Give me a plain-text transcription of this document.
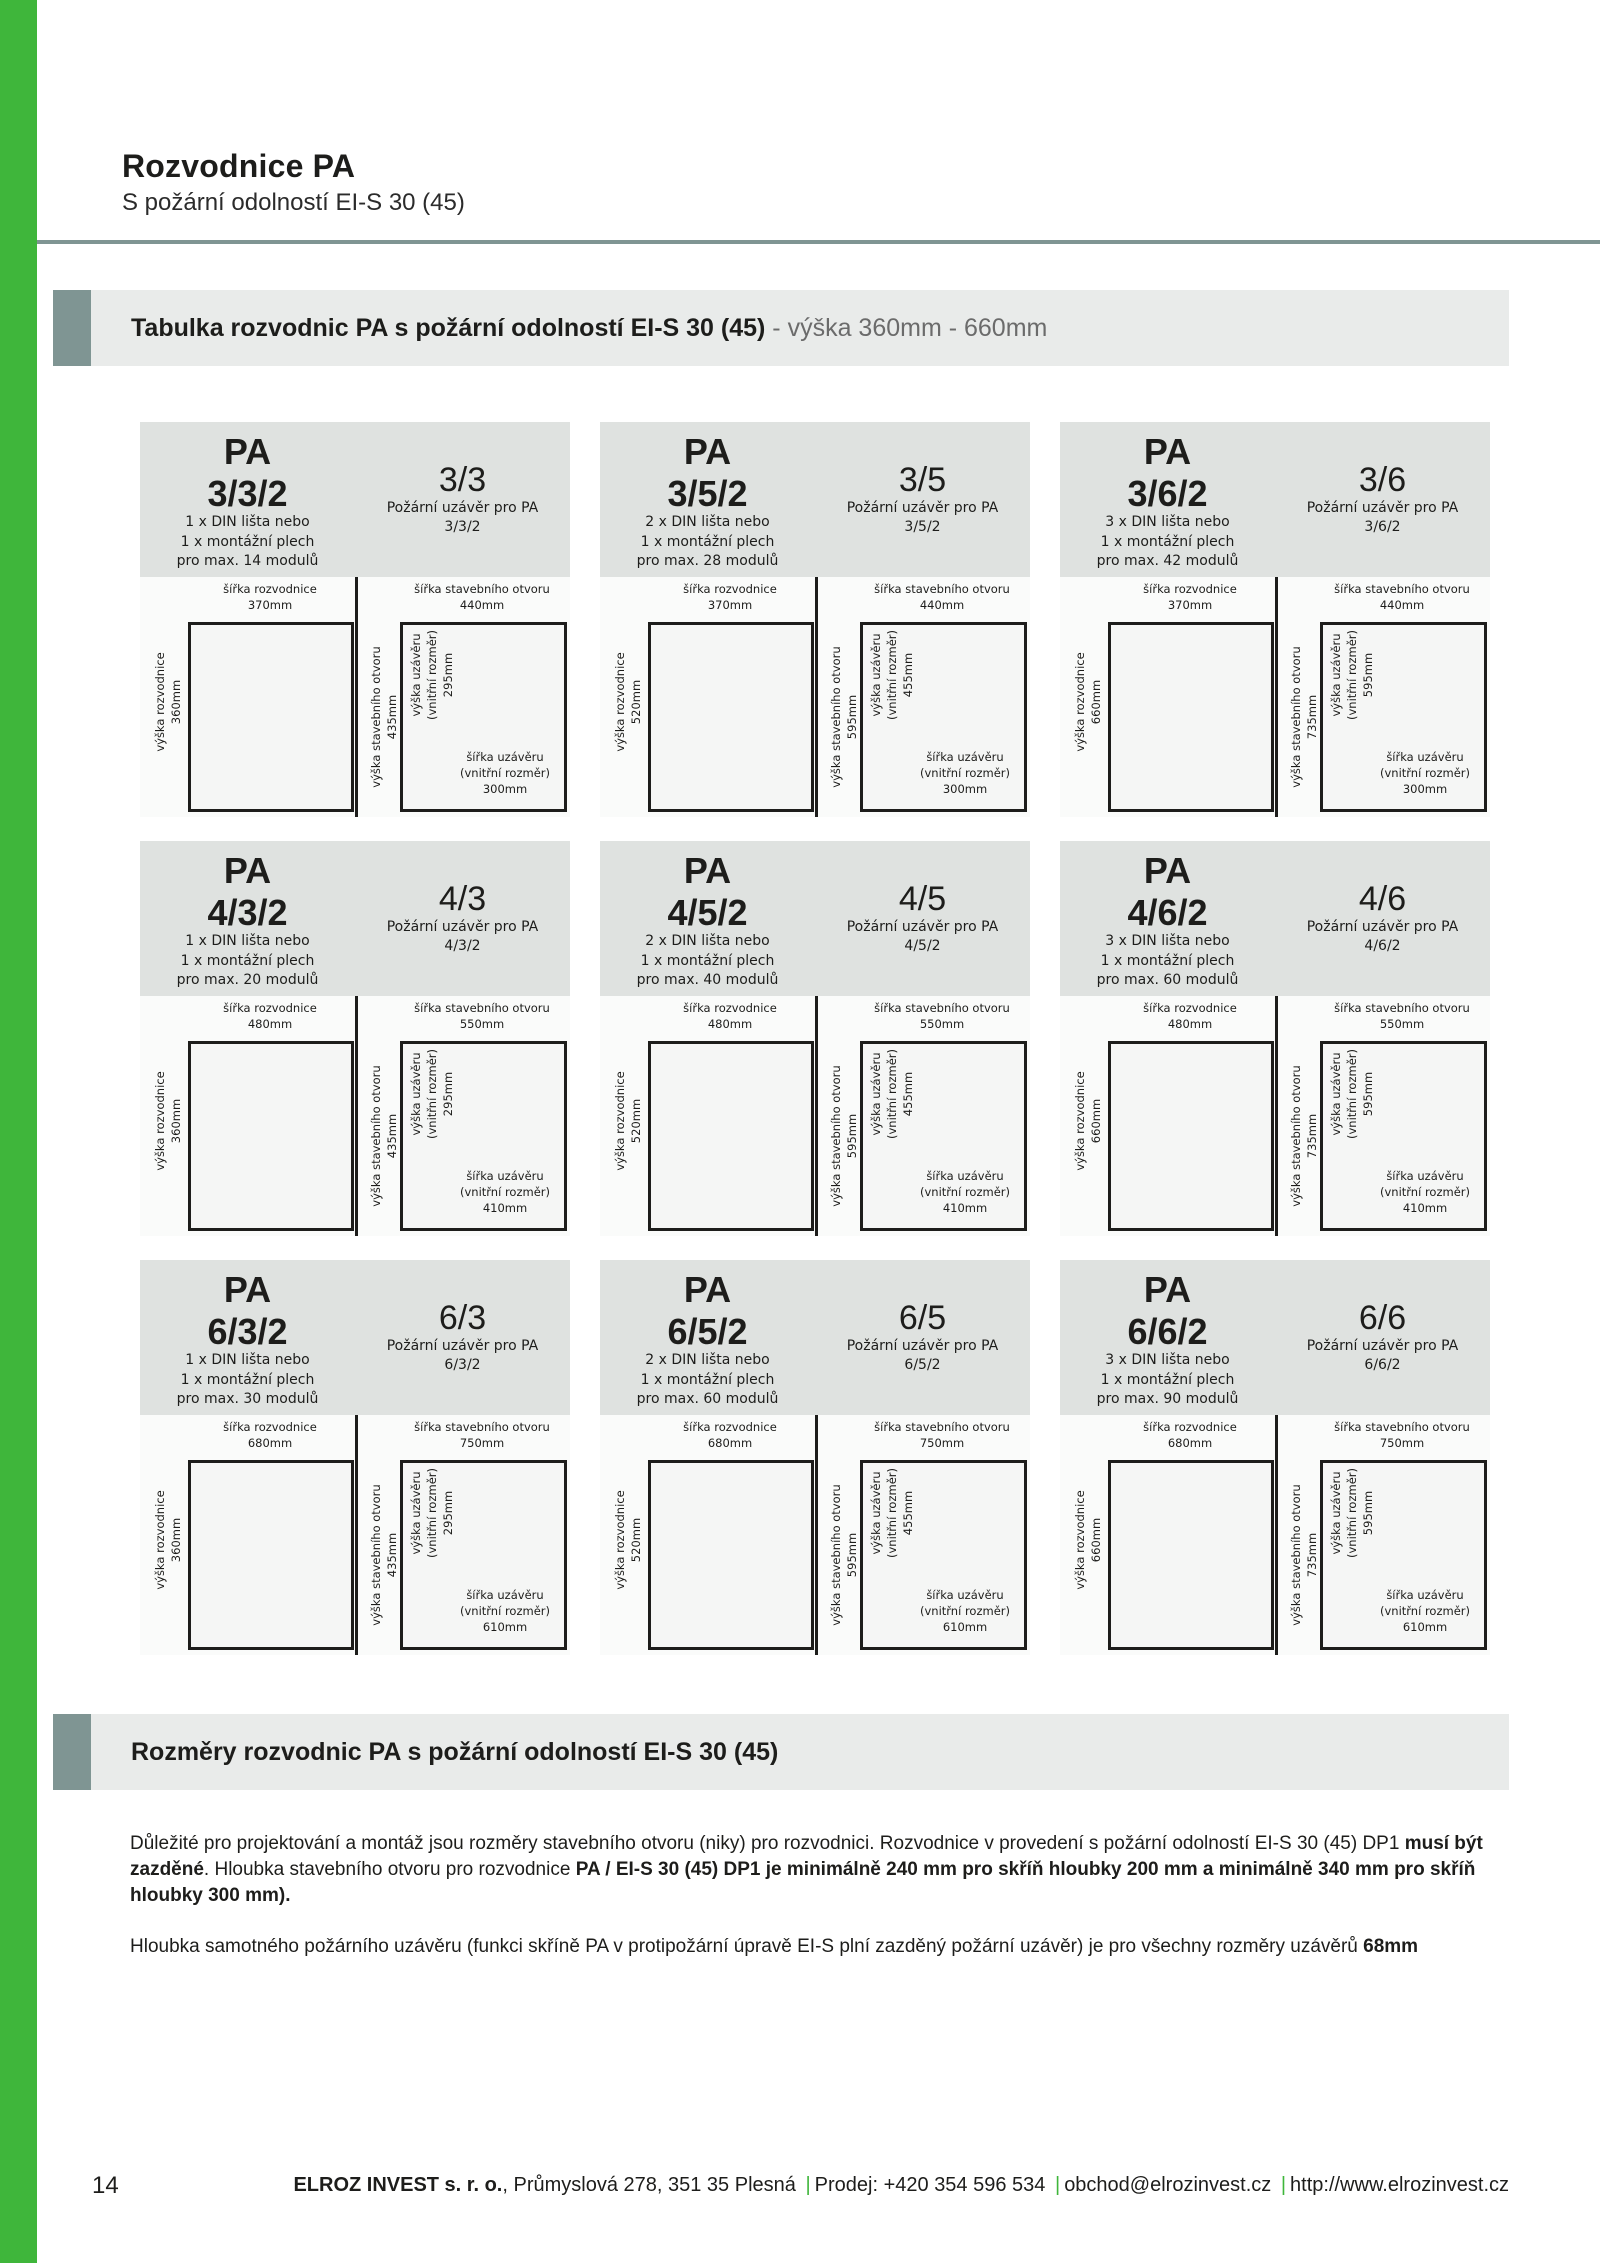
Rozvodnice PA
S požární odolností EI-S 30 (45)
Tabulka rozvodnic PA s požární odolností EI-S 30 (45) - výška 360mm - 660mm
PA
3/3/2
1 x DIN lišta nebo
1 x montážní plech
pro max. 14 modulů
3/3
Požární uzávěr pro PA
3/3/2
šířka rozvodnice
370mm
šířka stavebního otvoru
440mm
šířka uzávěru
(vnitřní rozměr)
300mm
výška rozvodnice 360mm	výška stavebního otvoru 435mm
výška uzávěru (vnitřní rozměr) 295mm
PA
3/5/2
2 x DIN lišta nebo
1 x montážní plech
pro max. 28 modulů
3/5
Požární uzávěr pro PA
3/5/2
šířka rozvodnice
370mm
šířka stavebního otvoru
440mm
šířka uzávěru
(vnitřní rozměr)
300mm
výška rozvodnice 520mm	výška stavebního otvoru 595mm
výška uzávěru (vnitřní rozměr) 455mm
PA
3/6/2
3 x DIN lišta nebo
1 x montážní plech
pro max. 42 modulů
3/6
Požární uzávěr pro PA
3/6/2
šířka rozvodnice
370mm
šířka stavebního otvoru
440mm
šířka uzávěru
(vnitřní rozměr)
300mm
výška rozvodnice 660mm	výška stavebního otvoru 735mm
výška uzávěru (vnitřní rozměr) 595mm
PA
4/3/2
1 x DIN lišta nebo
1 x montážní plech
pro max. 20 modulů
4/3
Požární uzávěr pro PA
4/3/2
šířka rozvodnice
480mm
šířka stavebního otvoru
550mm
šířka uzávěru
(vnitřní rozměr)
410mm
výška rozvodnice 360mm	výška stavebního otvoru 435mm
výška uzávěru (vnitřní rozměr) 295mm
PA
4/5/2
2 x DIN lišta nebo
1 x montážní plech
pro max. 40 modulů
4/5
Požární uzávěr pro PA
4/5/2
šířka rozvodnice
480mm
šířka stavebního otvoru
550mm
šířka uzávěru
(vnitřní rozměr)
410mm
výška rozvodnice 520mm	výška stavebního otvoru 595mm
výška uzávěru (vnitřní rozměr) 455mm
PA
4/6/2
3 x DIN lišta nebo
1 x montážní plech
pro max. 60 modulů
4/6
Požární uzávěr pro PA
4/6/2
šířka rozvodnice
480mm
šířka stavebního otvoru
550mm
šířka uzávěru
(vnitřní rozměr)
410mm
výška rozvodnice 660mm	výška stavebního otvoru 735mm
výška uzávěru (vnitřní rozměr) 595mm
PA
6/3/2
1 x DIN lišta nebo
1 x montážní plech
pro max. 30 modulů
6/3
Požární uzávěr pro PA
6/3/2
šířka rozvodnice
680mm
šířka stavebního otvoru
750mm
šířka uzávěru
(vnitřní rozměr)
610mm
výška rozvodnice 360mm	výška stavebního otvoru 435mm
výška uzávěru (vnitřní rozměr) 295mm
PA
6/5/2
2 x DIN lišta nebo
1 x montážní plech
pro max. 60 modulů
6/5
Požární uzávěr pro PA
6/5/2
šířka rozvodnice
680mm
šířka stavebního otvoru
750mm
šířka uzávěru
(vnitřní rozměr)
610mm
výška rozvodnice 520mm	výška stavebního otvoru 595mm
výška uzávěru (vnitřní rozměr) 455mm
PA
6/6/2
3 x DIN lišta nebo
1 x montážní plech
pro max. 90 modulů
6/6
Požární uzávěr pro PA
6/6/2
šířka rozvodnice
680mm
šířka stavebního otvoru
750mm
šířka uzávěru
(vnitřní rozměr)
610mm
výška rozvodnice 660mm	výška stavebního otvoru 735mm
výška uzávěru (vnitřní rozměr) 595mm
Rozměry rozvodnic PA s požární odolností EI-S 30 (45)
Důležité pro projektování a montáž jsou rozměry stavebního otvoru (niky) pro rozvodnici. Rozvodnice v provedení s požární odolností EI-S 30 (45) DP1 musí být zazděné. Hloubka stavebního otvoru pro rozvodnice PA / EI-S 30 (45) DP1 je minimálně 240 mm pro skříň hloubky 200 mm a minimálně 340 mm pro skříň hloubky 300 mm).
Hloubka samotného požárního uzávěru (funkci skříně PA v protipožární úpravě EI-S plní zazděný požární uzávěr) je pro všechny rozměry uzávěrů 68mm
14	ELROZ INVEST s. r. o., Průmyslová 278, 351 35 Plesná | Prodej: +420 354 596 534 | obchod@elrozinvest.cz | http://www.elrozinvest.cz
